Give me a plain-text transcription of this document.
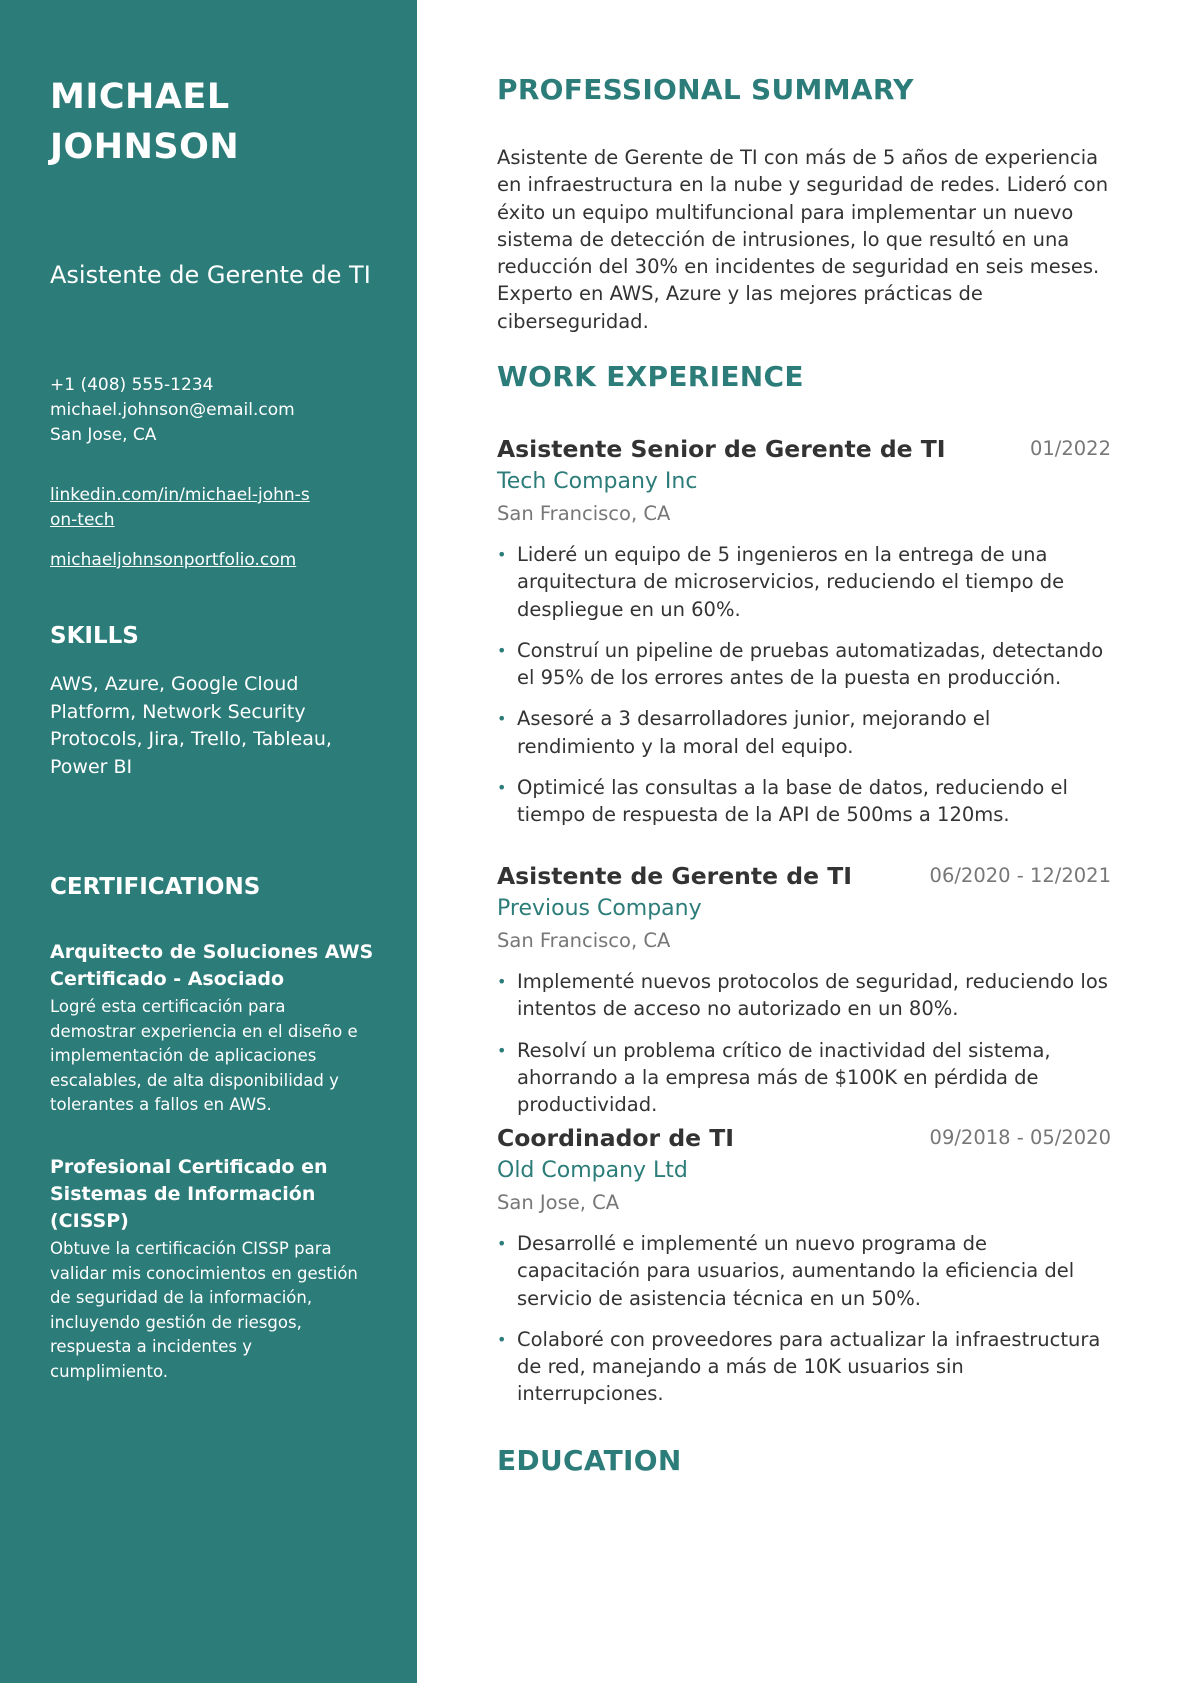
MICHAEL
JOHNSON
Asistente de Gerente de TI
+1 (408) 555-1234
michael.johnson@email.com
San Jose, CA
linkedin.com/in/michael-john-son-tech
michaeljohnsonportfolio.com
SKILLS
AWS, Azure, Google Cloud Platform, Network Security Protocols, Jira, Trello, Tableau, Power BI
CERTIFICATIONS
Arquitecto de Soluciones AWS Certificado - Asociado
Logré esta certificación para demostrar experiencia en el diseño e implementación de aplicaciones escalables, de alta disponibilidad y tolerantes a fallos en AWS.
Profesional Certificado en Sistemas de Información (CISSP)
Obtuve la certificación CISSP para validar mis conocimientos en gestión de seguridad de la información, incluyendo gestión de riesgos, respuesta a incidentes y cumplimiento.
PROFESSIONAL SUMMARY
Asistente de Gerente de TI con más de 5 años de experiencia en infraestructura en la nube y seguridad de redes. Lideró con éxito un equipo multifuncional para implementar un nuevo sistema de detección de intrusiones, lo que resultó en una reducción del 30% en incidentes de seguridad en seis meses. Experto en AWS, Azure y las mejores prácticas de ciberseguridad.
WORK EXPERIENCE
Asistente Senior de Gerente de TI	01/2022
Tech Company Inc
San Francisco, CA
• Lideré un equipo de 5 ingenieros en la entrega de una arquitectura de microservicios, reduciendo el tiempo de despliegue en un 60%.
• Construí un pipeline de pruebas automatizadas, detectando el 95% de los errores antes de la puesta en producción.
• Asesoré a 3 desarrolladores junior, mejorando el rendimiento y la moral del equipo.
• Optimicé las consultas a la base de datos, reduciendo el tiempo de respuesta de la API de 500ms a 120ms.
Asistente de Gerente de TI	06/2020 - 12/2021
Previous Company
San Francisco, CA
• Implementé nuevos protocolos de seguridad, reduciendo los intentos de acceso no autorizado en un 80%.
• Resolví un problema crítico de inactividad del sistema, ahorrando a la empresa más de $100K en pérdida de productividad.
Coordinador de TI	09/2018 - 05/2020
Old Company Ltd
San Jose, CA
• Desarrollé e implementé un nuevo programa de capacitación para usuarios, aumentando la eficiencia del servicio de asistencia técnica en un 50%.
• Colaboré con proveedores para actualizar la infraestructura de red, manejando a más de 10K usuarios sin interrupciones.
EDUCATION
